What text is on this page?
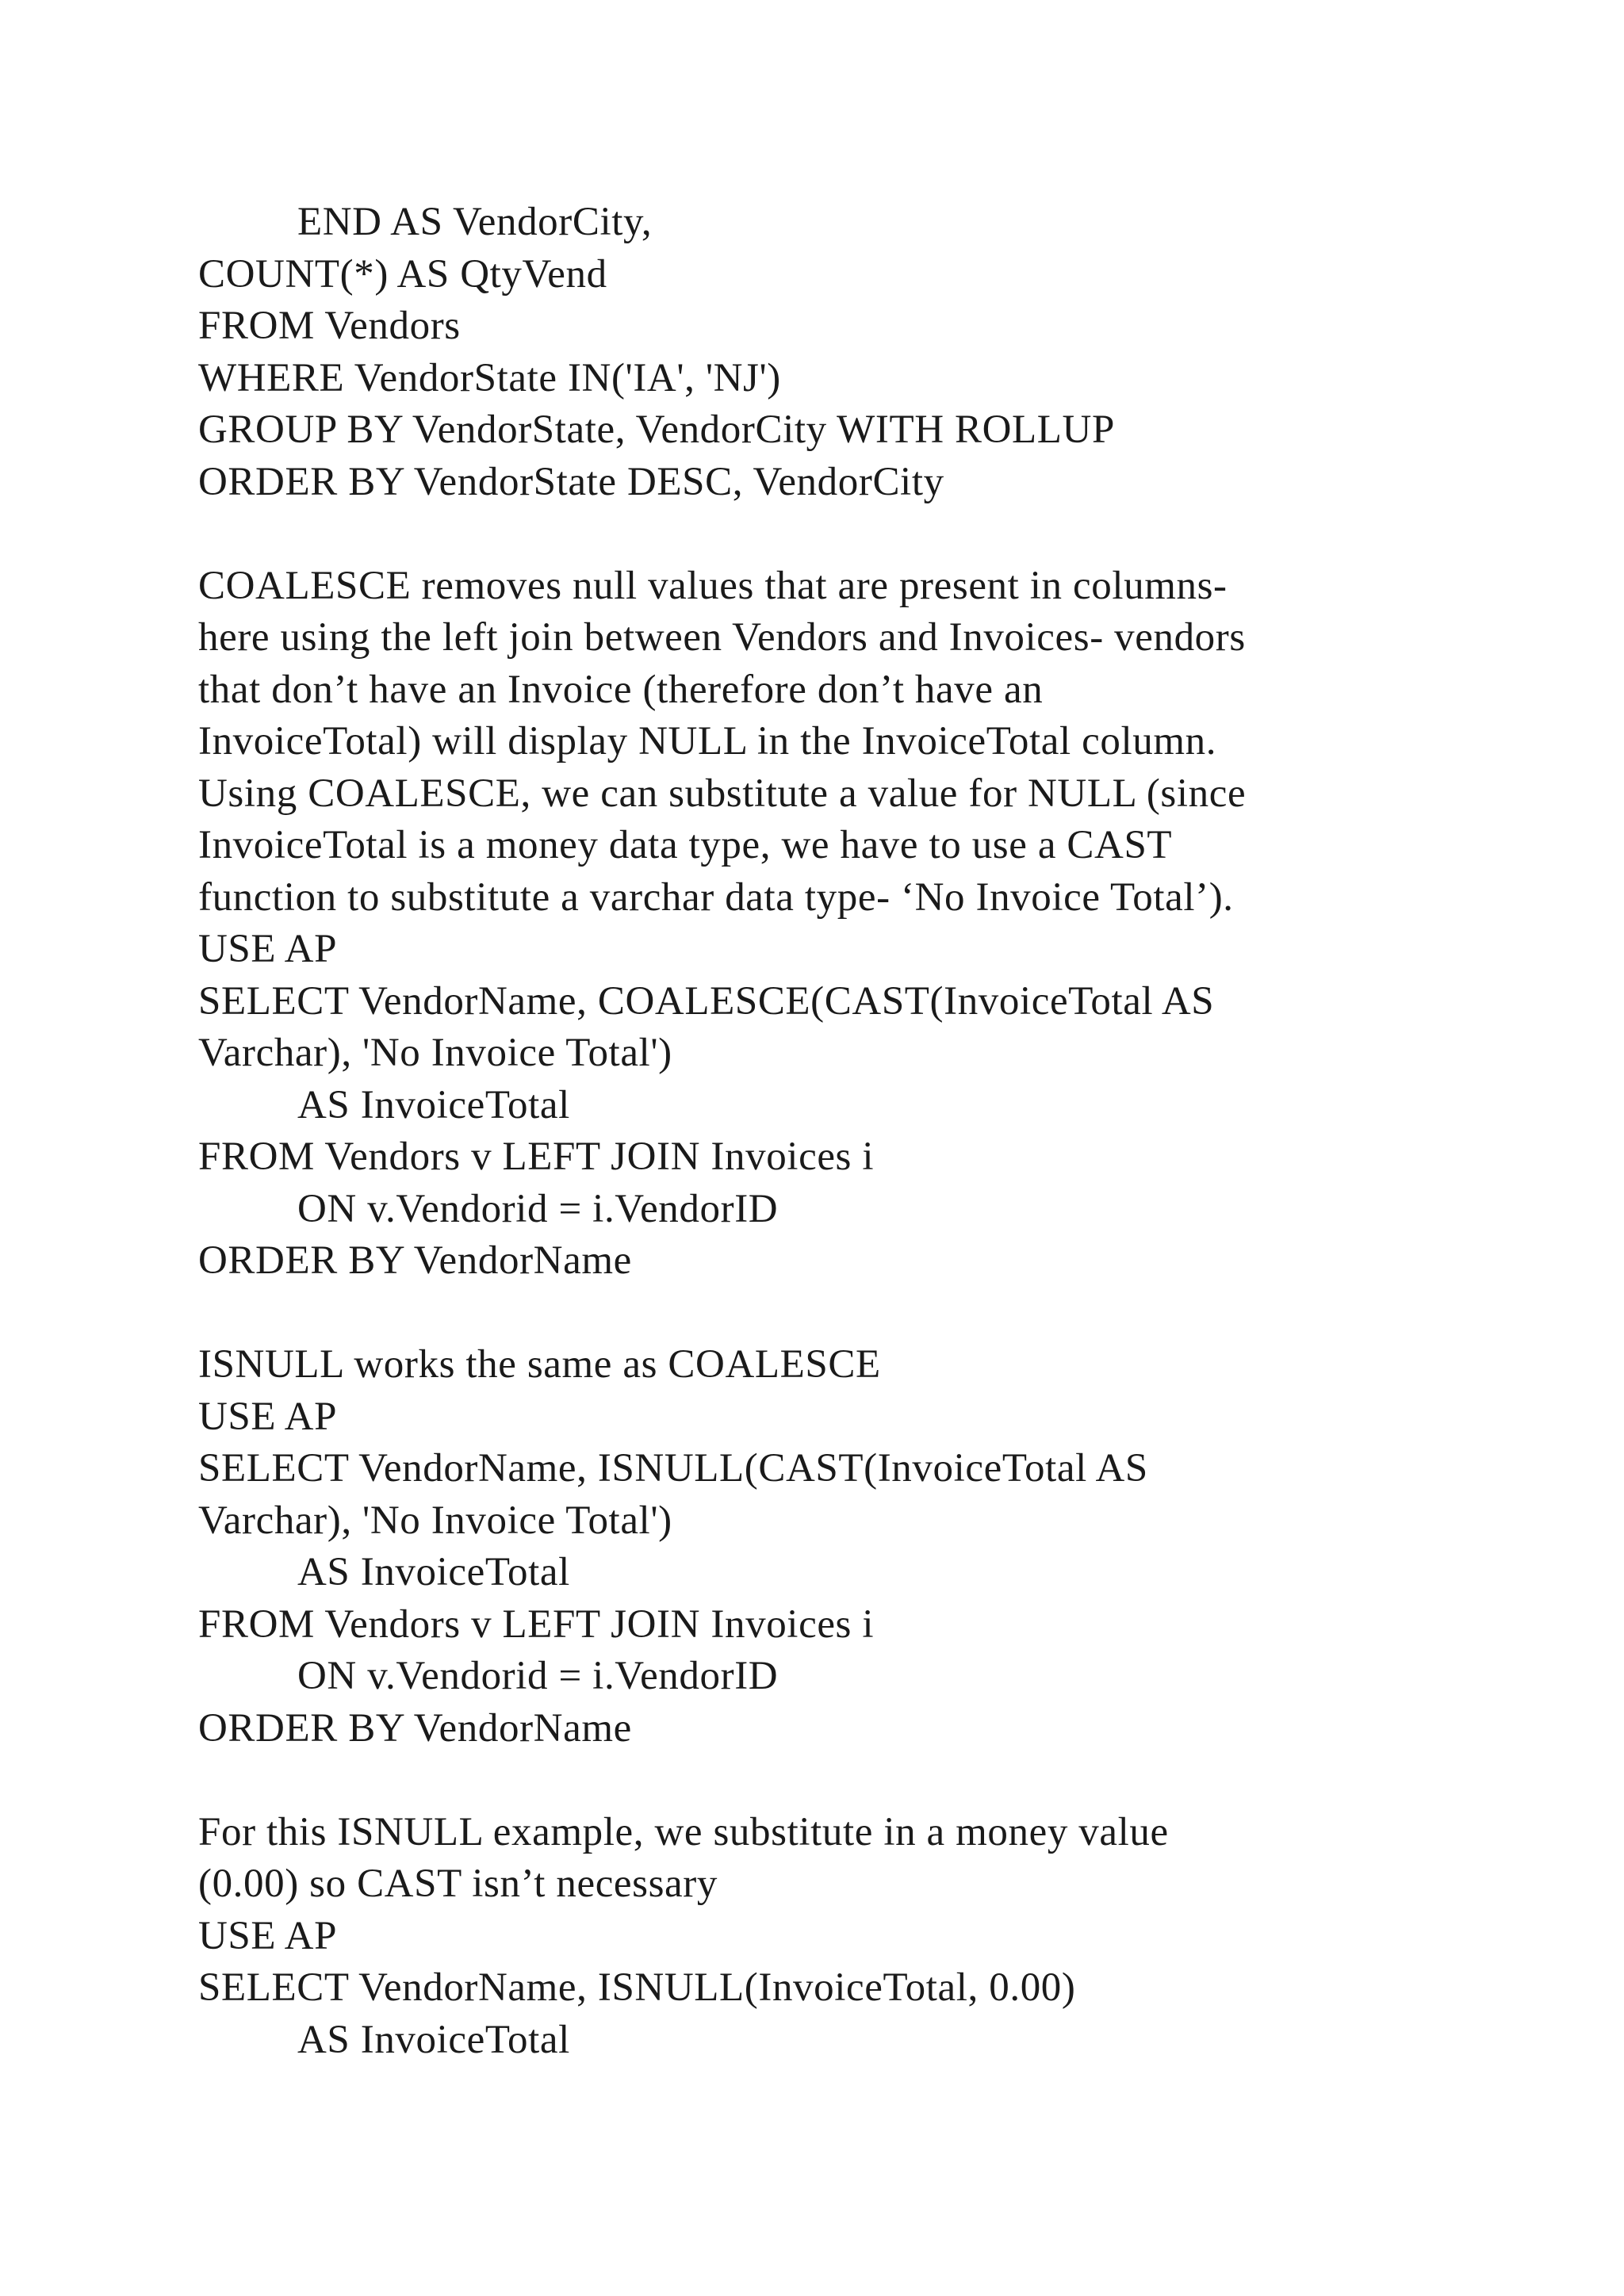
END AS VendorCity,
COUNT(*) AS QtyVend
FROM Vendors
WHERE VendorState IN('IA', 'NJ')
GROUP BY VendorState, VendorCity WITH ROLLUP
ORDER BY VendorState DESC, VendorCity
COALESCE removes null values that are present in columns-
here using the left join between Vendors and Invoices- vendors
that don’t have an Invoice (therefore don’t have an
InvoiceTotal) will display NULL in the InvoiceTotal column.
Using COALESCE, we can substitute a value for NULL (since
InvoiceTotal is a money data type, we have to use a CAST
function to substitute a varchar data type- ‘No Invoice Total’).
USE AP
SELECT VendorName, COALESCE(CAST(InvoiceTotal AS
Varchar), 'No Invoice Total')
AS InvoiceTotal
FROM Vendors v LEFT JOIN Invoices i
ON v.Vendorid = i.VendorID
ORDER BY VendorName
ISNULL works the same as COALESCE
USE AP
SELECT VendorName, ISNULL(CAST(InvoiceTotal AS
Varchar), 'No Invoice Total')
AS InvoiceTotal
FROM Vendors v LEFT JOIN Invoices i
ON v.Vendorid = i.VendorID
ORDER BY VendorName
For this ISNULL example, we substitute in a money value
(0.00) so CAST isn’t necessary
USE AP
SELECT VendorName, ISNULL(InvoiceTotal, 0.00)
AS InvoiceTotal
